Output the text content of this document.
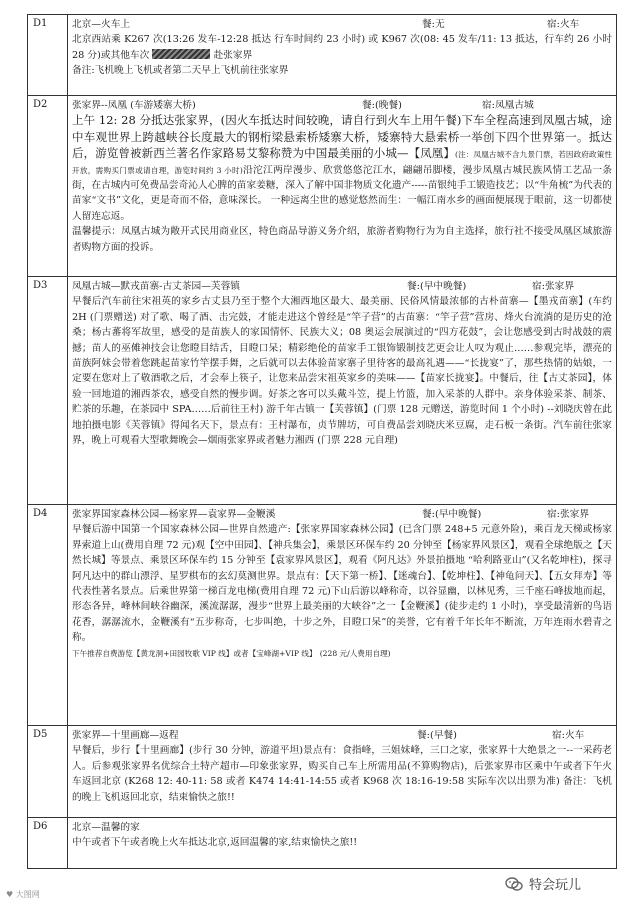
D1	北京—火车上	餐:无	宿:火车
北京西站乘 K267 次(13:26 发车-12:28 抵达 行车时间约 23 小时) 或 K967 次(08: 45 发车/11: 13 抵达，行车约 26 小时 28 分)或其他车次	赴张家界
备注:飞机晚上飞机或者第二天早上飞机前往张家界
D2	张家界--凤凰 (车游矮寨大桥)	餐:(晚餐)	宿:凤凰古城
上午 12: 28 分抵达张家界，(因火车抵达时间较晚，请自行到火车上用午餐)下车全程高速到凤凰古城，途中车观世界上跨越峡谷长度最大的钢桁梁悬索桥矮寨大桥，矮寨特大悬索桥一举创下四个世界第一。抵达后，游览曾被新西兰著名作家路易艾黎称赞为中国最美丽的小城—【凤凰】(注：凤凰古城不含九景门票，若因政府政策性开放，需购买门票或请自理，游览时间约 3 小时)沿沱江两岸漫步、欣赏悠悠沱江水，翩翩吊脚楼，漫步凤凰古城民族风情工艺品一条街，在古城内可免费品尝奇沁人心脾的苗家姜糖，深入了解中国非物质文化遗产-----苗银纯手工锻造技艺；以“牛角梳”为代表的苗家“文书”文化，更是奇而不俗，意味深长。 一种远离尘世的感觉悠然而生：一幅江南水乡的画面便展现于眼前，这一切都使人留连忘返。
温馨提示：凤凰古城为敞开式民用商业区，特色商品导游义务介绍，旅游者购物行为为自主选择，旅行社不接受凤凰区域旅游者购物方面的投诉。
D3	凤凰古城—默戎苗寨-古丈茶园—芙蓉镇	餐:(早中晚餐)	宿:张家界
早餐后汽车前往宋祖英的家乡古丈县乃至于整个大湘西地区最大、最美丽、民俗风情最浓郁的古朴苗寨—【墨戎苗寨】(车约 2H (门票赠送) 对了歌、喝了酒、击完鼓，才能走进这个曾经是“竿子营”的古苗寨：“竿子营”营房、烽火台流淌的是历史的沧桑；杨古蕃将军故里，感受的是苗族人的家国情怀、民族大义；08 奥运会展演过的“四方花鼓”，会让您感受到古时战鼓的震撼；苗人的巫傩神技会让您瞪目结舌，目瞪口呆；精彩绝伦的苗家手工银饰锻制技艺更会让人叹为观止……参观完毕，漂亮的苗族阿妹会带着您跳起苗家竹竿摆手舞，之后就可以去体验苗家寨子里待客的最高礼遇——“长拢宴”了，那些热情的姑娘，一定要在您对上了敬酒歌之后，才会奉上筷子，让您来品尝宋祖英家乡的美味——【苗家长拢宴】。中餐后，往【古丈茶园】，体验一回地道的湘西茶农，感受自然的慢步调。好茶之客可以头戴斗笠，提上竹篮，加入采茶的人群中。亲身体验采茶、制茶、贮茶的乐趣，在茶园中 SPA……后前往王村) 游千年古镇一【芙蓉镇】(门票 128 元赠送，游览时间 1 个小时) --刘晓庆曾在此地拍摄电影《芙蓉镇》得闻名天下，景点有：王村瀑布，贞节牌坊，可自费品尝刘晓庆米豆腐，走石板一条街。汽车前往张家界，晚上可观看大型歌舞晚会—烟雨张家界或者魅力湘西 (门票 228 元自理)
D4	张家界国家森林公园—杨家界—袁家界—金鞭溪	餐:(早中晚餐)	宿:张家界
早餐后游中国第一个国家森林公园—世界自然遗产:【张家界国家森林公园】(已含门票 248+5 元意外险)，乘百龙天梯或杨家界索道上山(费用自理 72 元)观【空中田园】、【神兵集会】，乘景区环保车约 20 分钟至【杨家界风景区】，观看全球绝版之【天然长城】等景点、乘景区环保车约 15 分钟至【袁家界风景区】，观看《阿凡达》外景拍摄地 “哈利路亚山”(又名乾坤柱)，探寻阿凡达中的群山漂浮、星罗棋布的玄幻莫测世界。景点有：【天下第一桥】、【迷魂台】、【乾坤柱】、【神龟问天】、【五女拜寿】等代表性著名景点。后乘世界第一梯百龙电梯(费用自理 72 元)下山后游以峰称奇，以谷显幽，以林见秀，三千座石峰拔地而起，形态各异，峰林间峡谷幽深，溪流潺潺，漫步“世界上最美丽的大峡谷”之一【金鞭溪】(徒步走约 1 小时)，享受最清新的鸟语花香，潺潺流水，金鞭溪有“五步称奇，七步叫绝，十步之外，目瞪口呆”的美誉，它有着千年长年不断流，万年连雨水碧青之称。
下午推荐自费游览【黄龙洞+田园牧歌 VIP 线】或者【宝峰湖+VIP 线】 (228 元/人费用自理)
D5	张家界—十里画廊—返程	餐:(早餐)	宿:火车
早餐后，步行【十里画廊】(步行 30 分钟，游道平坦)景点有：食指峰，三姐妹峰，三口之家，张家界十大绝景之一--一采药老人。后参观张家界名优综合土特产超市—印象张家界，购买自己车上所需用品(不算购物店)，后张家界市区乘中午或者下午火车返回北京 (K268 12: 40-11: 58 或者 K474 14:41-14:55 或者 K968 次 18:16-19:58 实际车次以出票为准) 备注：飞机的晚上飞机返回北京，结束愉快之旅!!
D6	北京—温馨的家
中午或者下午或者晚上火车抵达北京,返回温馨的家,结束愉快之旅!!
特会玩儿
♥ 大图网
